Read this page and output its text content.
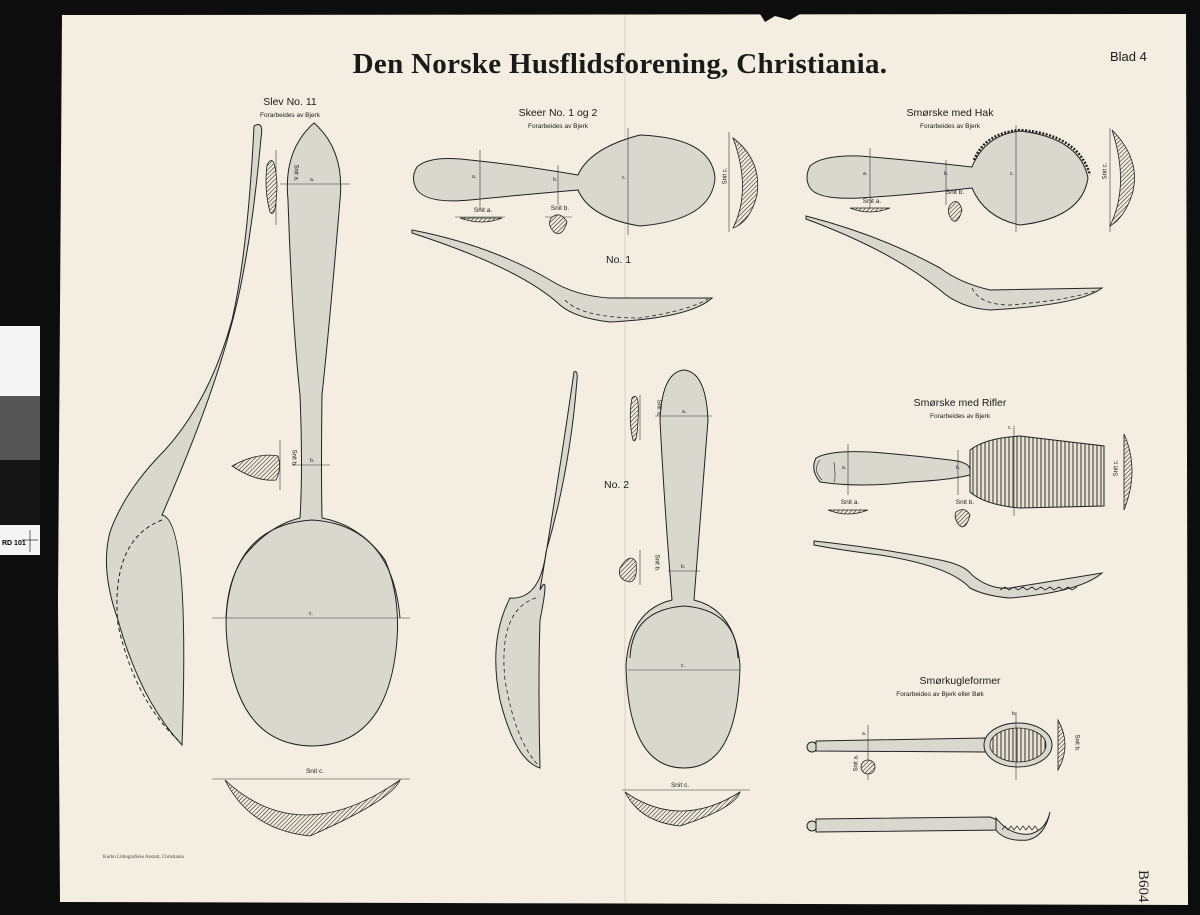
Den Norske Husflidsforening, Christiania.	Blad 4
Slev No. 11
Forarbeides av Bjerk
Snit c.
Skeer No. 1 og 2
Forarbeides av Bjerk
No. 1
No. 2
Snit a.	Snit b.
Snit c.
Smørske med Hak
Forarbeides av Bjerk
Snit a.
Snit b.
Smørske med Rifler
Forarbeides av Bjerk
Snit a.	Snit b.
Smørkugleformer
Forarbeides av Bjerk eller Bøk
Snit a.
Snit b.
Snit a.
Snit b.
Snit c.	Snit c.
Snit c.
Snit a.
Snit b.
a.
b.
c.
a.
b.
c.
a.	b.	c.
a.	b.	c.
a.	b.
c.
a.
b.
Kurbo Lithografiske Anstalt, Christiania
B604
RD 101
